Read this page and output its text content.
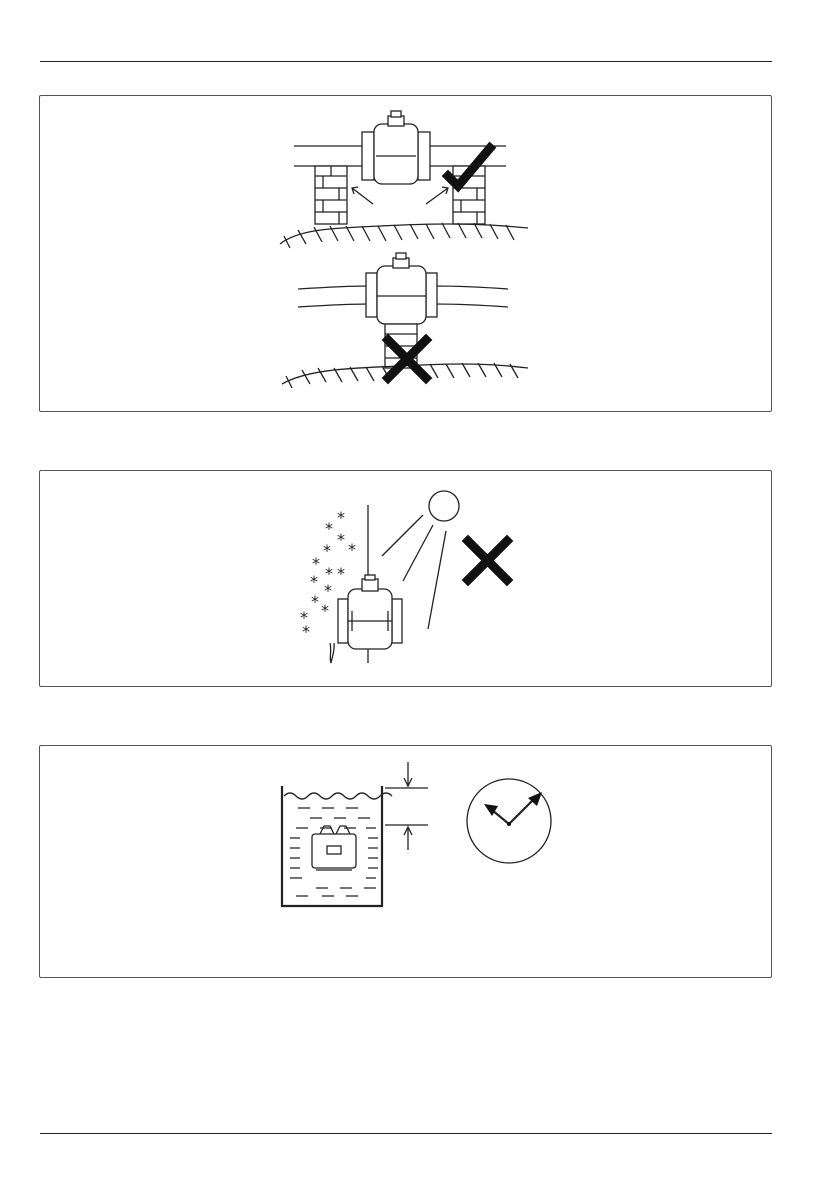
*
*
*
*
*
*
* *
* *
* *
*
*
